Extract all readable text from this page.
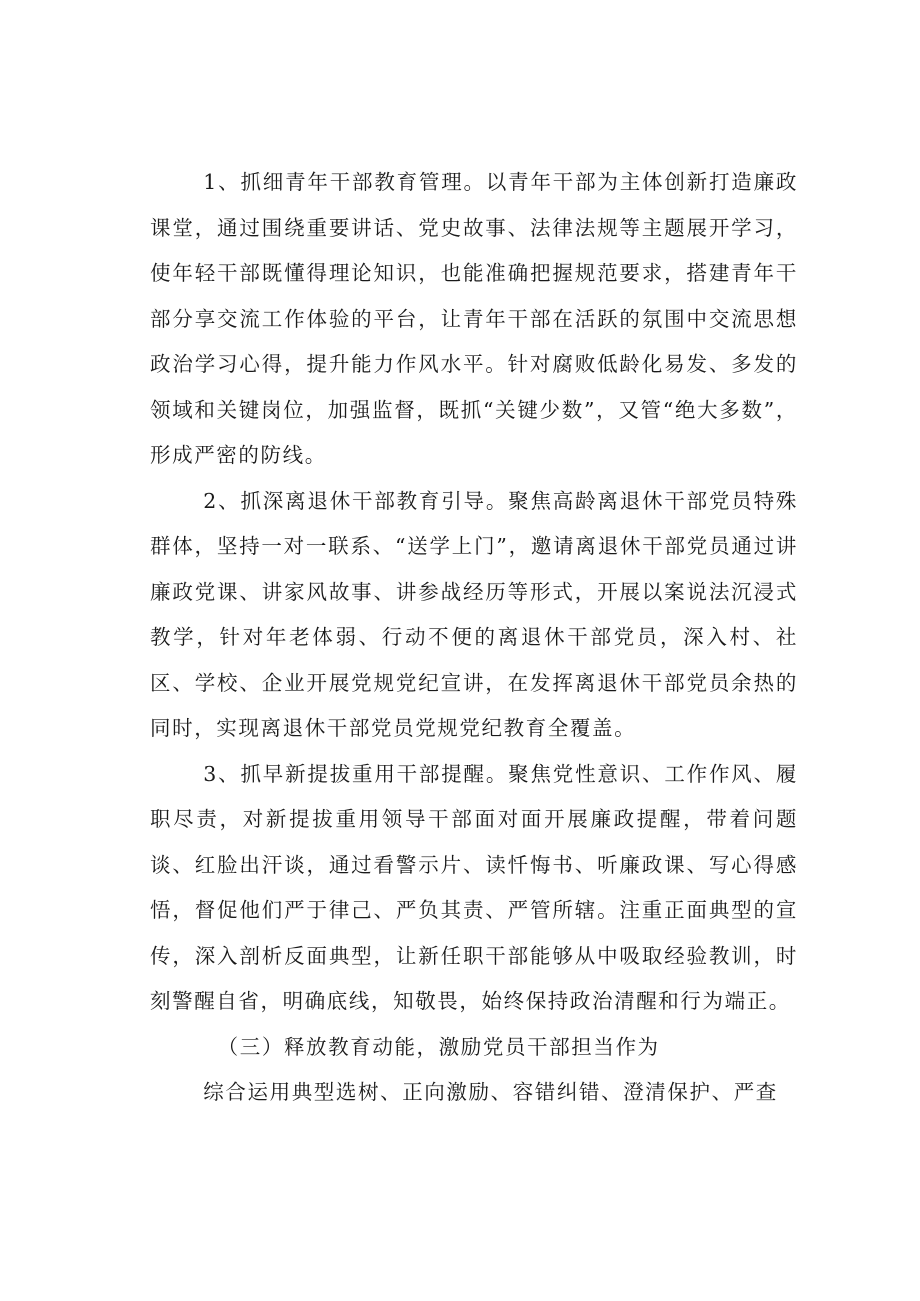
1、抓细青年干部教育管理。以青年干部为主体创新打造廉政课堂，通过围绕重要讲话、党史故事、法律法规等主题展开学习，使年轻干部既懂得理论知识，也能准确把握规范要求，搭建青年干部分享交流工作体验的平台，让青年干部在活跃的氛围中交流思想政治学习心得，提升能力作风水平。针对腐败低龄化易发、多发的领域和关键岗位，加强监督，既抓“关键少数”，又管“绝大多数”，形成严密的防线。

2、抓深离退休干部教育引导。聚焦高龄离退休干部党员特殊群体，坚持一对一联系、“送学上门”，邀请离退休干部党员通过讲廉政党课、讲家风故事、讲参战经历等形式，开展以案说法沉浸式教学，针对年老体弱、行动不便的离退休干部党员，深入村、社区、学校、企业开展党规党纪宣讲，在发挥离退休干部党员余热的同时，实现离退休干部党员党规党纪教育全覆盖。

3、抓早新提拔重用干部提醒。聚焦党性意识、工作作风、履职尽责，对新提拔重用领导干部面对面开展廉政提醒，带着问题谈、红脸出汗谈，通过看警示片、读忏悔书、听廉政课、写心得感悟，督促他们严于律己、严负其责、严管所辖。注重正面典型的宣传，深入剖析反面典型，让新任职干部能够从中吸取经验教训，时刻警醒自省，明确底线，知敬畏，始终保持政治清醒和行为端正。

（三）释放教育动能，激励党员干部担当作为

综合运用典型选树、正向激励、容错纠错、澄清保护、严查
